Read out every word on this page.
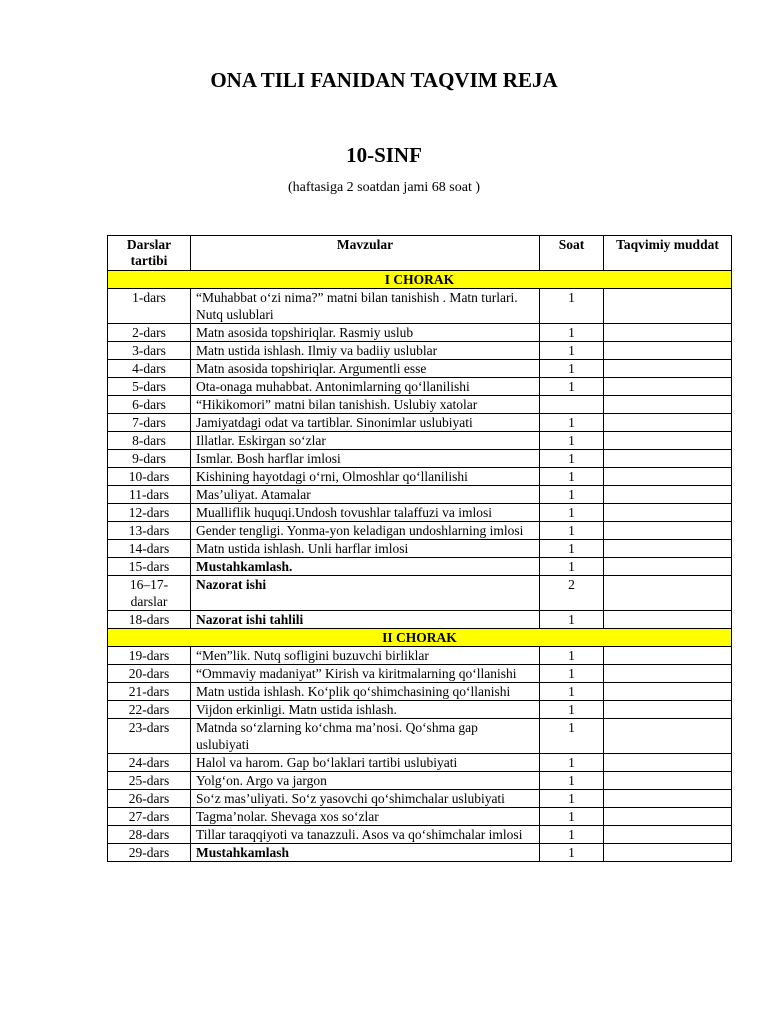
ONA TILI FANIDAN TAQVIM REJA
10-SINF
(haftasiga 2 soatdan jami 68 soat )
Darslar tartibi	Mavzular	Soat	Taqvimiy muddat
I CHORAK			
1-dars	“Muhabbat o‘zi nima?” matni bilan tanishish . Matn turlari. Nutq uslublari	1	
2-dars	Matn asosida topshiriqlar. Rasmiy uslub	1	
3-dars	Matn ustida ishlash. Ilmiy va badiiy uslublar	1	
4-dars	Matn asosida topshiriqlar. Argumentli esse	1	
5-dars	Ota-onaga muhabbat. Antonimlarning qo‘llanilishi	1	
6-dars	“Hikikomori” matni bilan tanishish. Uslubiy xatolar		
7-dars	Jamiyatdagi odat va tartiblar. Sinonimlar uslubiyati	1	
8-dars	Illatlar. Eskirgan so‘zlar	1	
9-dars	Ismlar. Bosh harflar imlosi	1	
10-dars	Kishining hayotdagi o‘rni, Olmoshlar qo‘llanilishi	1	
11-dars	Mas’uliyat. Atamalar	1	
12-dars	Mualliflik huquqi.Undosh tovushlar talaffuzi va imlosi	1	
13-dars	Gender tengligi. Yonma-yon keladigan undoshlarning imlosi	1	
14-dars	Matn ustida ishlash. Unli harflar imlosi	1	
15-dars	Mustahkamlash.	1	
16–17-darslar	Nazorat ishi	2	
18-dars	Nazorat ishi tahlili	1	
II CHORAK			
19-dars	“Men”lik. Nutq sofligini buzuvchi birliklar	1	
20-dars	“Ommaviy madaniyat” Kirish va kiritmalarning qo‘llanishi	1	
21-dars	Matn ustida ishlash. Ko‘plik qo‘shimchasining qo‘llanishi	1	
22-dars	Vijdon erkinligi. Matn ustida ishlash.	1	
23-dars	Matnda so‘zlarning ko‘chma ma’nosi. Qo‘shma gap uslubiyati	1	
24-dars	Halol va harom. Gap bo‘laklari tartibi uslubiyati	1	
25-dars	Yolg‘on. Argo va jargon	1	
26-dars	So‘z mas’uliyati. So‘z yasovchi qo‘shimchalar uslubiyati	1	
27-dars	Tagma’nolar. Shevaga xos so‘zlar	1	
28-dars	Tillar taraqqiyoti va tanazzuli. Asos va qo‘shimchalar imlosi	1	
29-dars	Mustahkamlash	1	
